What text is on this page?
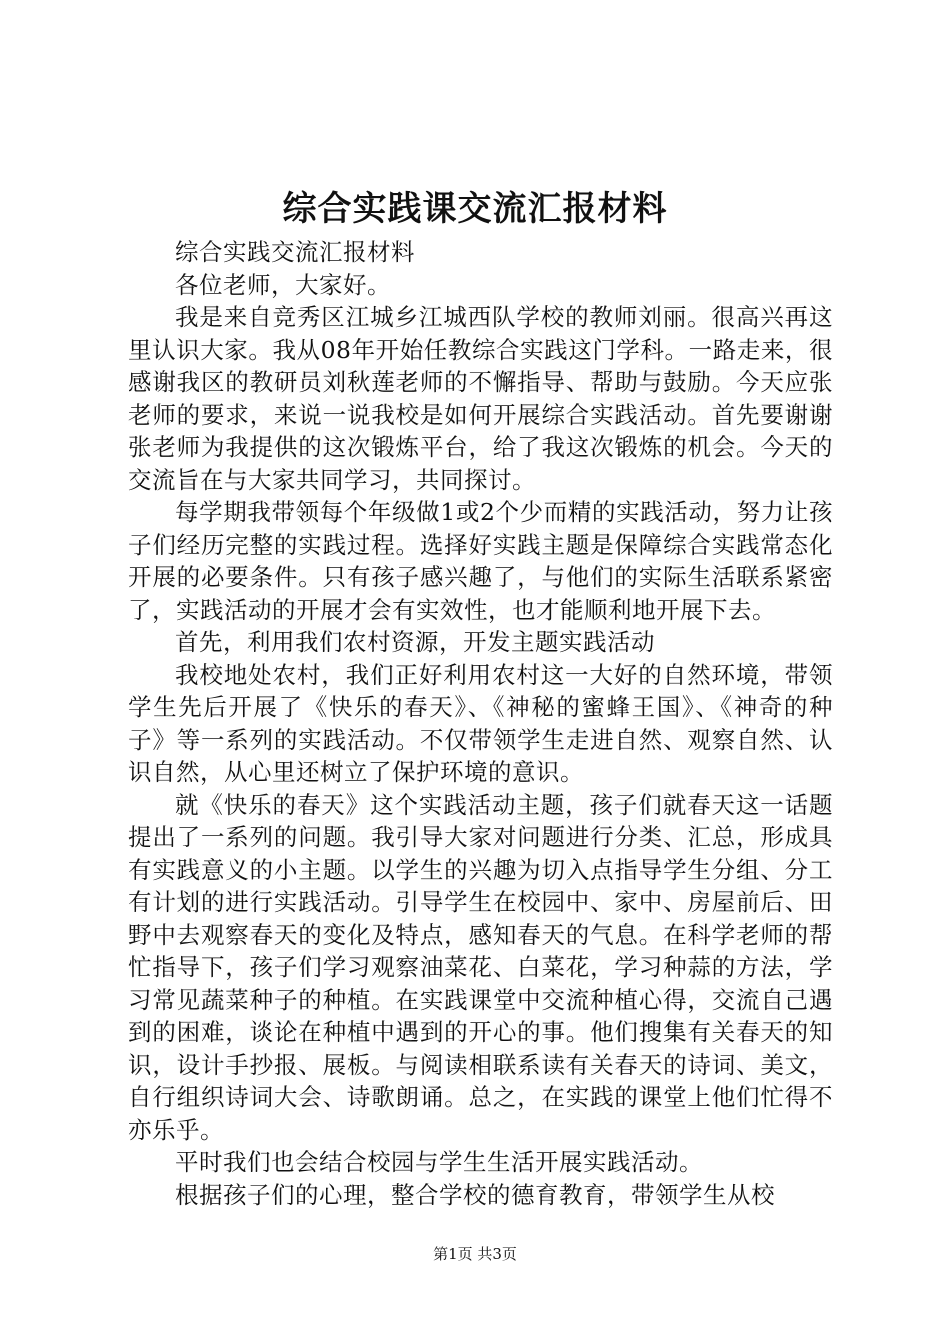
综合实践课交流汇报材料

综合实践交流汇报材料

各位老师，大家好。

我是来自竞秀区江城乡江城西队学校的教师刘丽。很高兴再这里认识大家。我从08年开始任教综合实践这门学科。一路走来，很感谢我区的教研员刘秋莲老师的不懈指导、帮助与鼓励。今天应张老师的要求，来说一说我校是如何开展综合实践活动。首先要谢谢张老师为我提供的这次锻炼平台，给了我这次锻炼的机会。今天的交流旨在与大家共同学习，共同探讨。

每学期我带领每个年级做1或2个少而精的实践活动，努力让孩子们经历完整的实践过程。选择好实践主题是保障综合实践常态化开展的必要条件。只有孩子感兴趣了，与他们的实际生活联系紧密了，实践活动的开展才会有实效性，也才能顺利地开展下去。

首先，利用我们农村资源，开发主题实践活动

我校地处农村，我们正好利用农村这一大好的自然环境，带领学生先后开展了《快乐的春天》、《神秘的蜜蜂王国》、《神奇的种子》等一系列的实践活动。不仅带领学生走进自然、观察自然、认识自然，从心里还树立了保护环境的意识。

就《快乐的春天》这个实践活动主题，孩子们就春天这一话题提出了一系列的问题。我引导大家对问题进行分类、汇总，形成具有实践意义的小主题。以学生的兴趣为切入点指导学生分组、分工有计划的进行实践活动。引导学生在校园中、家中、房屋前后、田野中去观察春天的变化及特点，感知春天的气息。在科学老师的帮忙指导下，孩子们学习观察油菜花、白菜花，学习种蒜的方法，学习常见蔬菜种子的种植。在实践课堂中交流种植心得，交流自己遇到的困难，谈论在种植中遇到的开心的事。他们搜集有关春天的知识，设计手抄报、展板。与阅读相联系读有关春天的诗词、美文，自行组织诗词大会、诗歌朗诵。总之，在实践的课堂上他们忙得不亦乐乎。

平时我们也会结合校园与学生生活开展实践活动。

根据孩子们的心理，整合学校的德育教育，带领学生从校

第1页 共3页
